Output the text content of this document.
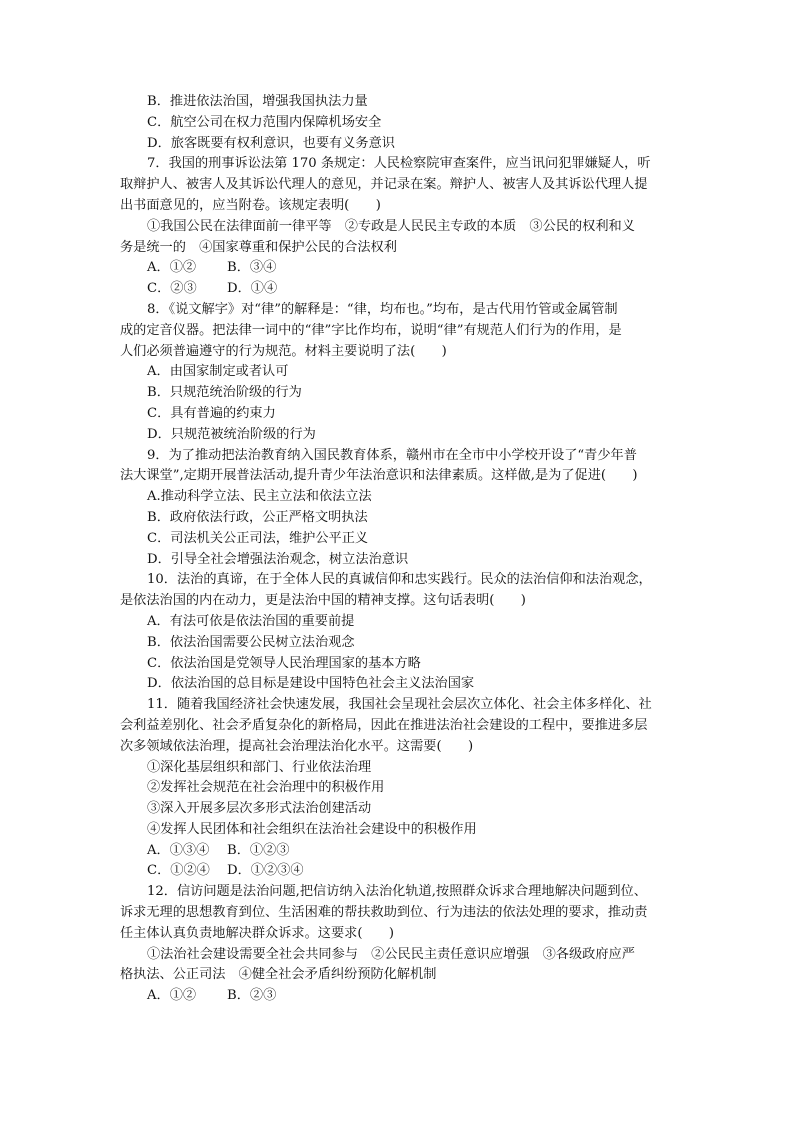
B．推进依法治国，增强我国执法力量
C．航空公司在权力范围内保障机场安全
D．旅客既要有权利意识，也要有义务意识
7．我国的刑事诉讼法第 170 条规定：人民检察院审查案件，应当讯问犯罪嫌疑人，听
取辩护人、被害人及其诉讼代理人的意见，并记录在案。辩护人、被害人及其诉讼代理人提
出书面意见的，应当附卷。该规定表明(　　)
①我国公民在法律面前一律平等　②专政是人民民主专政的本质　③公民的权利和义
务是统一的　④国家尊重和保护公民的合法权利
A．①② B．③④
C．②③ D．①④
8．《说文解字》对“律”的解释是：“律，均布也。”均布，是古代用竹管或金属管制
成的定音仪器。把法律一词中的“律”字比作均布，说明“律”有规范人们行为的作用，是
人们必须普遍遵守的行为规范。材料主要说明了法(　　)
A．由国家制定或者认可
B．只规范统治阶级的行为
C．具有普遍的约束力
D．只规范被统治阶级的行为
9．为了推动把法治教育纳入国民教育体系，赣州市在全市中小学校开设了“青少年普
法大课堂”,定期开展普法活动,提升青少年法治意识和法律素质。这样做,是为了促进(　　)
A.推动科学立法、民主立法和依法立法
B．政府依法行政，公正严格文明执法
C．司法机关公正司法，维护公平正义
D．引导全社会增强法治观念，树立法治意识
10．法治的真谛，在于全体人民的真诚信仰和忠实践行。民众的法治信仰和法治观念，
是依法治国的内在动力，更是法治中国的精神支撑。这句话表明(　　)
A．有法可依是依法治国的重要前提
B．依法治国需要公民树立法治观念
C．依法治国是党领导人民治理国家的基本方略
D．依法治国的总目标是建设中国特色社会主义法治国家
11．随着我国经济社会快速发展，我国社会呈现社会层次立体化、社会主体多样化、社
会利益差别化、社会矛盾复杂化的新格局，因此在推进法治社会建设的工程中，要推进多层
次多领域依法治理，提高社会治理法治化水平。这需要(　　)
①深化基层组织和部门、行业依法治理
②发挥社会规范在社会治理中的积极作用
③深入开展多层次多形式法治创建活动
④发挥人民团体和社会组织在法治社会建设中的积极作用
A．①③④ B．①②③
C．①②④ D．①②③④
12．信访问题是法治问题,把信访纳入法治化轨道,按照群众诉求合理地解决问题到位、
诉求无理的思想教育到位、生活困难的帮扶救助到位、行为违法的依法处理的要求，推动责
任主体认真负责地解决群众诉求。这要求(　　)
①法治社会建设需要全社会共同参与　②公民民主责任意识应增强　③各级政府应严
格执法、公正司法　④健全社会矛盾纠纷预防化解机制
A．①② B．②③
